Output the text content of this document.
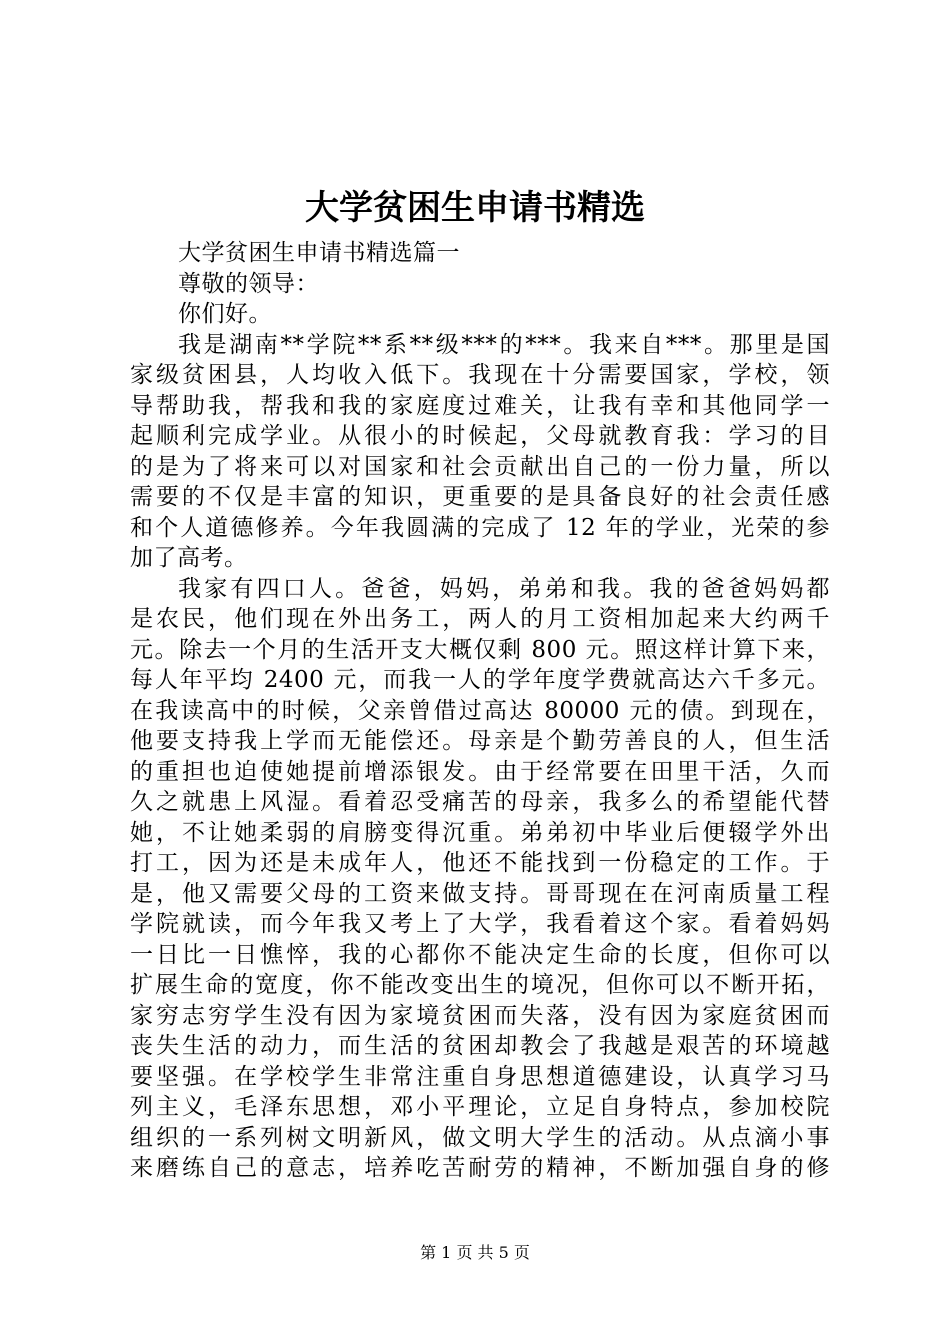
大学贫困生申请书精选
大学贫困生申请书精选篇一
尊敬的领导：
你们好。
我是湖南**学院**系**级***的***。我来自***。那里是国
家级贫困县，人均收入低下。我现在十分需要国家，学校，领
导帮助我，帮我和我的家庭度过难关，让我有幸和其他同学一
起顺利完成学业。从很小的时候起，父母就教育我：学习的目
的是为了将来可以对国家和社会贡献出自己的一份力量，所以
需要的不仅是丰富的知识，更重要的是具备良好的社会责任感
和个人道德修养。今年我圆满的完成了 12 年的学业，光荣的参
加了高考。
我家有四口人。爸爸，妈妈，弟弟和我。我的爸爸妈妈都
是农民，他们现在外出务工，两人的月工资相加起来大约两千
元。除去一个月的生活开支大概仅剩 800 元。照这样计算下来，
每人年平均 2400 元，而我一人的学年度学费就高达六千多元。
在我读高中的时候，父亲曾借过高达 80000 元的债。到现在，
他要支持我上学而无能偿还。母亲是个勤劳善良的人，但生活
的重担也迫使她提前增添银发。由于经常要在田里干活，久而
久之就患上风湿。看着忍受痛苦的母亲，我多么的希望能代替
她，不让她柔弱的肩膀变得沉重。弟弟初中毕业后便辍学外出
打工，因为还是未成年人，他还不能找到一份稳定的工作。于
是，他又需要父母的工资来做支持。哥哥现在在河南质量工程
学院就读，而今年我又考上了大学，我看着这个家。看着妈妈
一日比一日憔悴，我的心都你不能决定生命的长度，但你可以
扩展生命的宽度，你不能改变出生的境况，但你可以不断开拓，
家穷志穷学生没有因为家境贫困而失落，没有因为家庭贫困而
丧失生活的动力，而生活的贫困却教会了我越是艰苦的环境越
要坚强。在学校学生非常注重自身思想道德建设，认真学习马
列主义，毛泽东思想，邓小平理论，立足自身特点，参加校院
组织的一系列树文明新风，做文明大学生的活动。从点滴小事
来磨练自己的意志，培养吃苦耐劳的精神，不断加强自身的修
第 1 页 共 5 页
